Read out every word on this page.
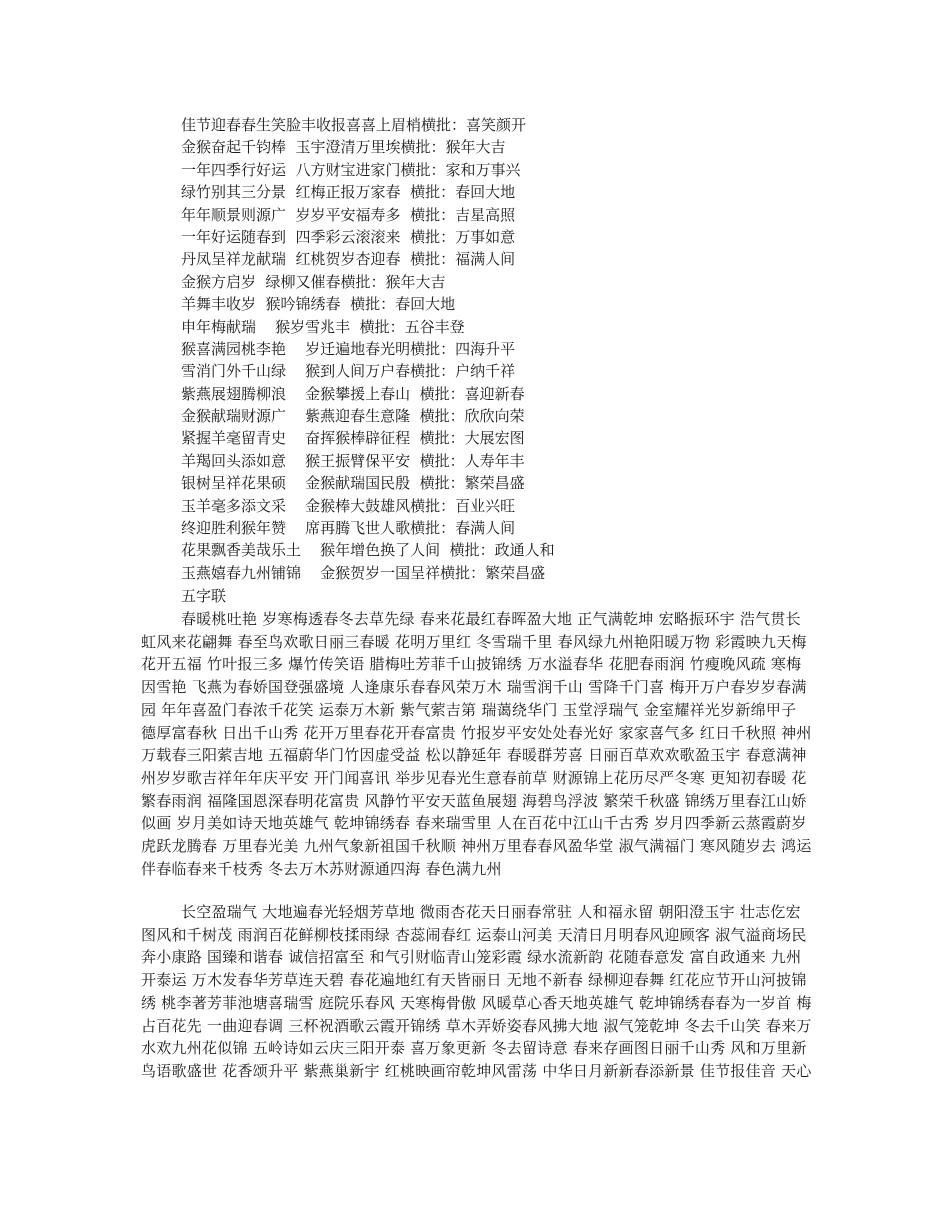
佳节迎春春生笑脸丰收报喜喜上眉梢横批：喜笑颜开
金猴奋起千钧棒  玉宇澄清万里埃横批：猴年大吉
一年四季行好运  八方财宝进家门横批：家和万事兴
绿竹别其三分景  红梅正报万家春  横批：春回大地
年年顺景则源广  岁岁平安福寿多  横批：吉星高照
一年好运随春到  四季彩云滚滚来  横批：万事如意
丹凤呈祥龙献瑞  红桃贺岁杏迎春  横批：福满人间
金猴方启岁  绿柳又催春横批：猴年大吉
羊舞丰收岁  猴吟锦绣春  横批：春回大地
申年梅献瑞    猴岁雪兆丰  横批：五谷丰登
猴喜满园桃李艳    岁迁遍地春光明横批：四海升平
雪消门外千山绿    猴到人间万户春横批：户纳千祥
紫燕展翅腾柳浪    金猴攀援上春山  横批：喜迎新春
金猴献瑞财源广    紫燕迎春生意隆  横批：欣欣向荣
紧握羊毫留青史    奋挥猴棒辟征程  横批：大展宏图
羊羯回头添如意    猴王振臂保平安  横批：人寿年丰
银树呈祥花果硕    金猴献瑞国民殷  横批：繁荣昌盛
玉羊毫多添文采    金猴棒大鼓雄风横批：百业兴旺
终迎胜利猴年赞    席再腾飞世人歌横批：春满人间
花果飘香美哉乐土    猴年增色换了人间  横批：政通人和
玉燕嬉春九州铺锦    金猴贺岁一国呈祥横批：繁荣昌盛
五字联

春暖桃吐艳 岁寒梅透春冬去草先绿 春来花最红春晖盈大地 正气满乾坤 宏略振环宇 浩气贯长虹风来花翩舞 春至鸟欢歌日丽三春暖 花明万里红 冬雪瑞千里 春风绿九州艳阳暖万物 彩霞映九天梅花开五福 竹叶报三多 爆竹传笑语 腊梅吐芳菲千山披锦绣 万水溢春华 花肥春雨润 竹瘦晚风疏 寒梅因雪艳 飞燕为春娇国登强盛境 人逢康乐春春风荣万木 瑞雪润千山 雪降千门喜 梅开万户春岁岁春满园 年年喜盈门春浓千花笑 运泰万木新 紫气萦吉第 瑞蔼绕华门 玉堂浮瑞气 金室耀祥光岁新绵甲子 德厚富春秋 日出千山秀 花开万里春花开春富贵 竹报岁平安处处春光好 家家喜气多 红日千秋照 神州万载春三阳萦吉地 五福蔚华门竹因虚受益 松以静延年 春暖群芳喜 日丽百草欢欢歌盈玉宇 春意满神州岁岁歌吉祥年年庆平安 开门闻喜讯 举步见春光生意春前草 财源锦上花历尽严冬寒 更知初春暖 花繁春雨润 福隆国恩深春明花富贵 风静竹平安天蓝鱼展翅 海碧鸟浮波 繁荣千秋盛 锦绣万里春江山娇似画 岁月美如诗天地英雄气 乾坤锦绣春 春来瑞雪里 人在百花中江山千古秀 岁月四季新云蒸霞蔚岁 虎跃龙腾春 万里春光美 九州气象新祖国千秋顺 神州万里春春风盈华堂 淑气满福门 寒风随岁去 鸿运伴春临春来千枝秀 冬去万木苏财源通四海 春色满九州

长空盈瑞气 大地遍春光轻烟芳草地 微雨杏花天日丽春常驻 人和福永留 朝阳澄玉宇 壮志仡宏图风和千树茂 雨润百花鲜柳枝揉雨绿 杏蕊闹春红 运泰山河美 天清日月明春风迎顾客 淑气溢商场民奔小康路 国臻和谐春 诚信招富至 和气引财临青山笼彩霞 绿水流新韵 花随春意发 富自政通来 九州开泰运 万木发春华芳草连天碧 春花遍地红有天皆丽日 无地不新春 绿柳迎春舞 红花应节开山河披锦绣 桃李著芳菲池塘喜瑞雪 庭院乐春风 天寒梅骨傲 风暖草心香天地英雄气 乾坤锦绣春春为一岁首 梅占百花先 一曲迎春调 三杯祝酒歌云霞开锦绣 草木弄娇姿春风拂大地 淑气笼乾坤 冬去千山笑 春来万水欢九州花似锦 五岭诗如云庆三阳开泰 喜万象更新 冬去留诗意 春来存画图日丽千山秀 风和万里新鸟语歌盛世 花香颂升平 紫燕巢新宇 红桃映画帘乾坤风雷荡 中华日月新新春添新景 佳节报佳音 天心
